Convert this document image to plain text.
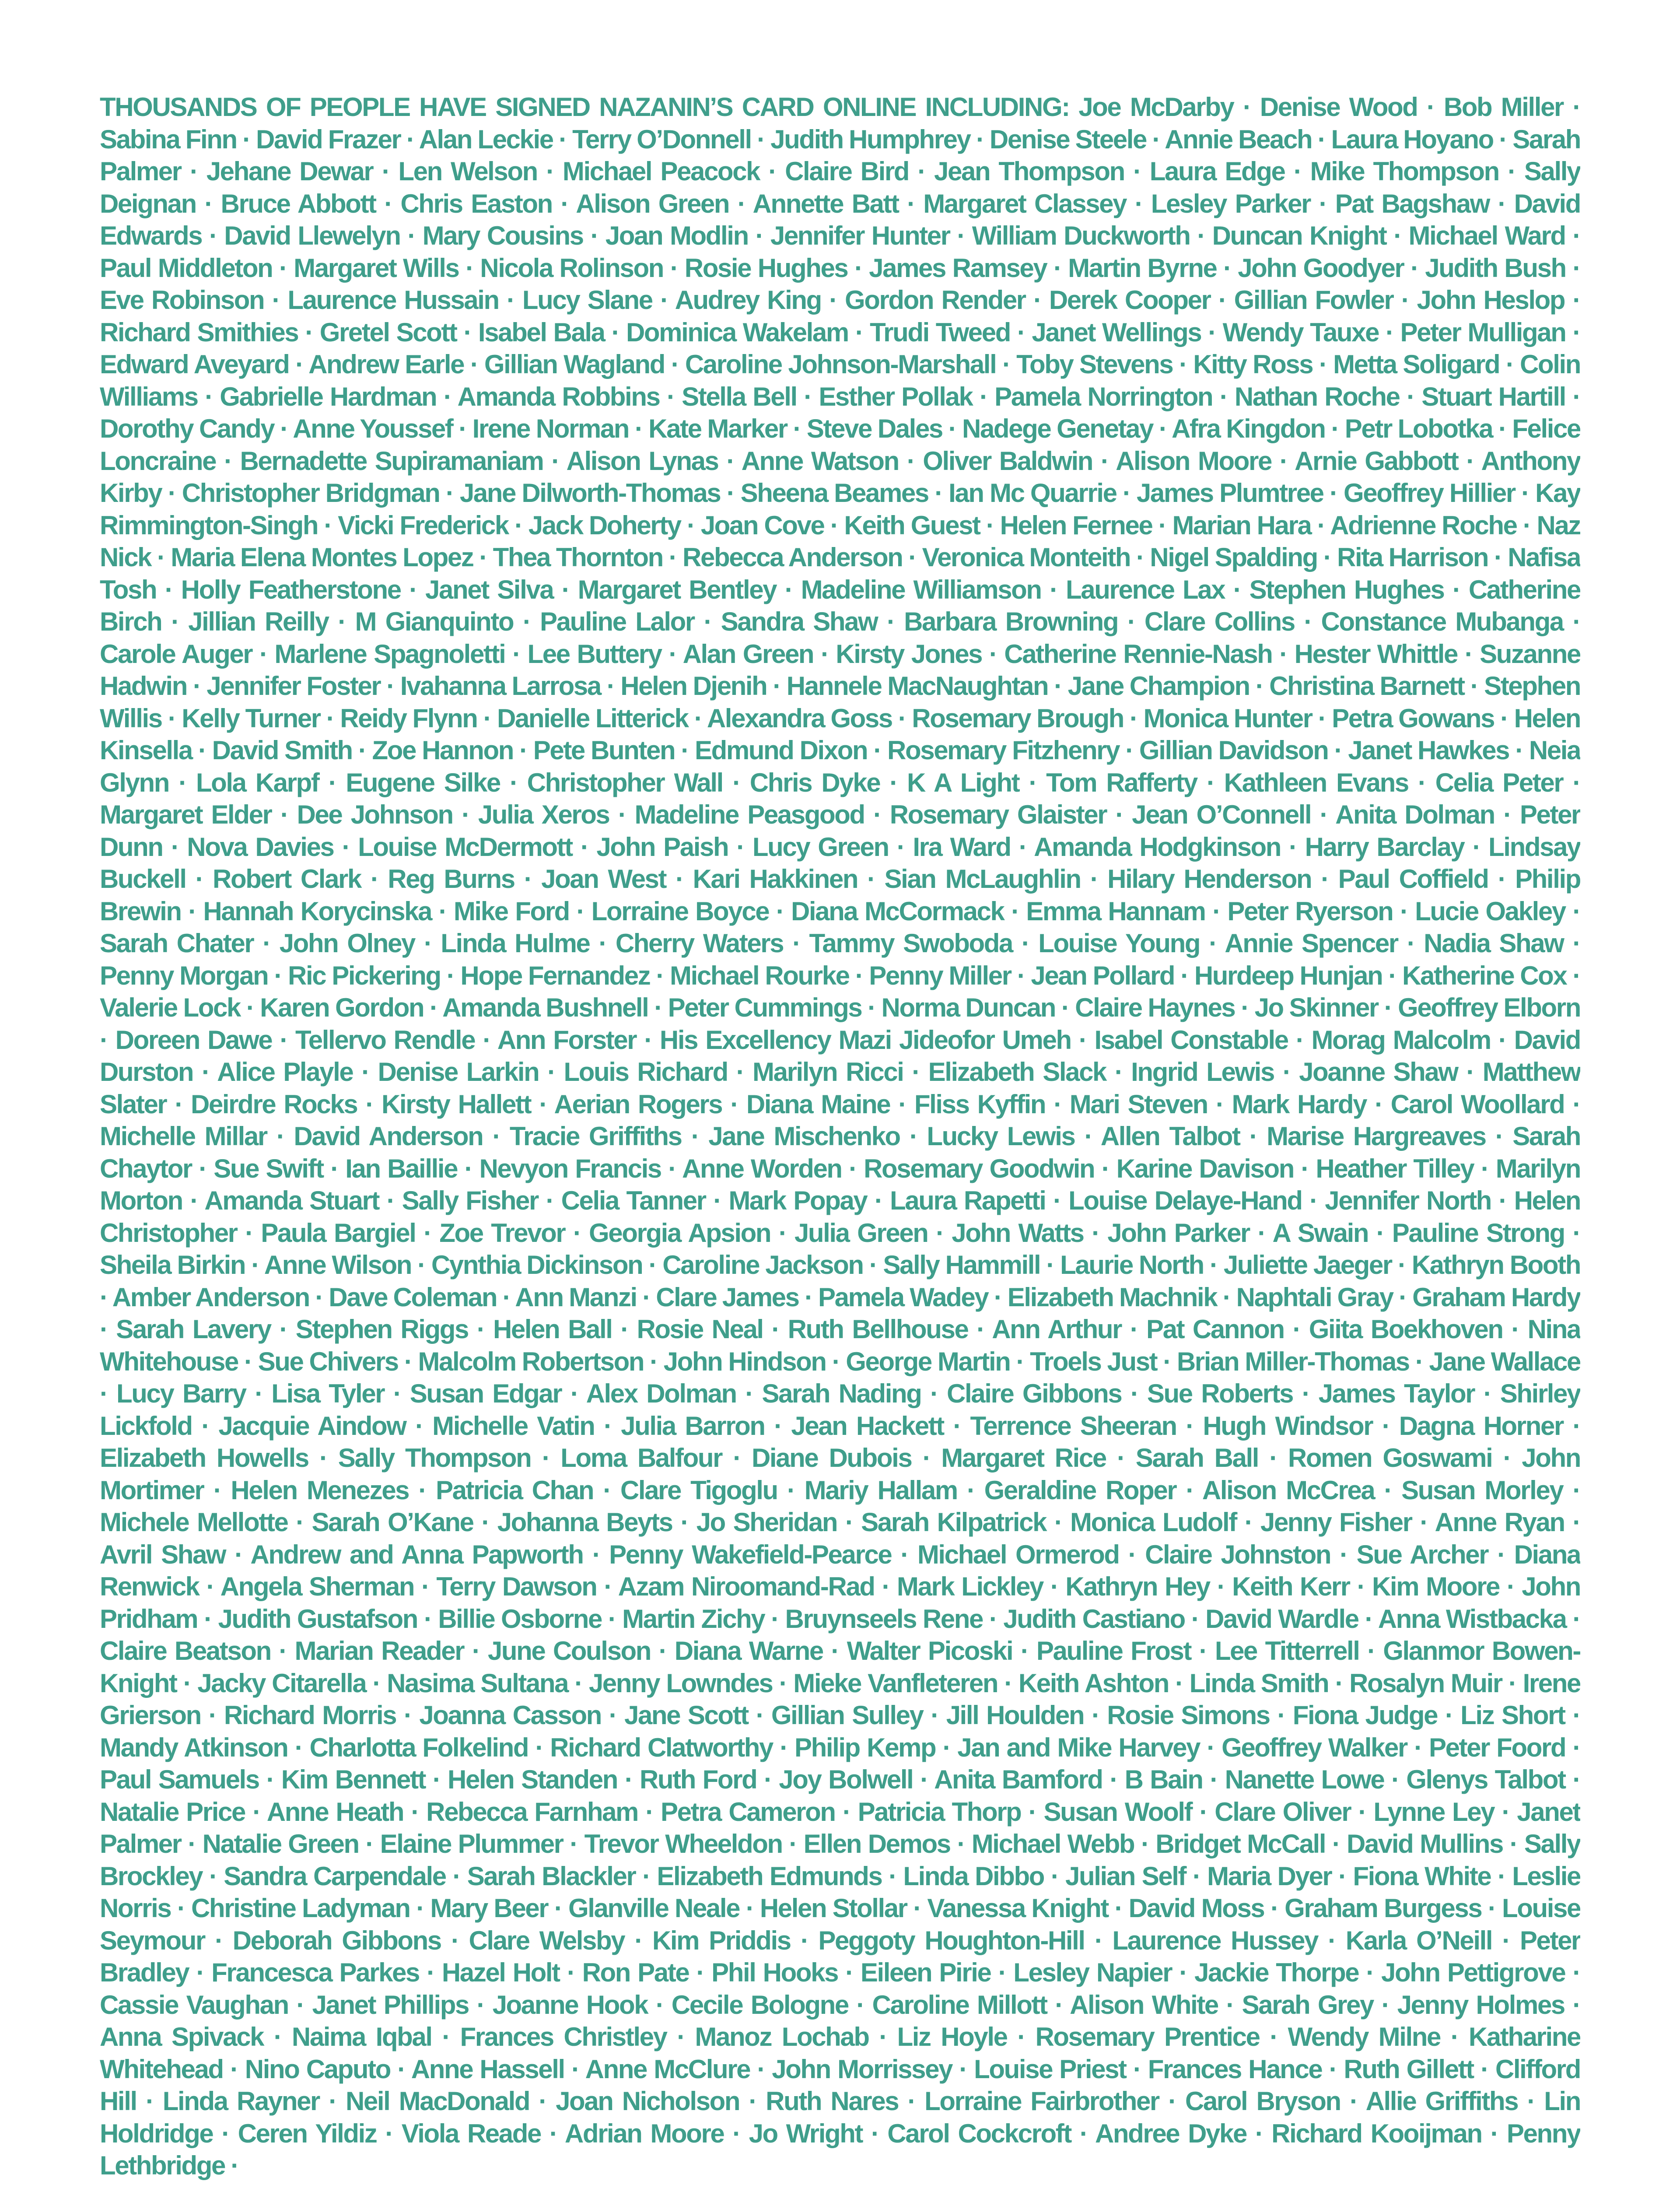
THOUSANDS OF PEOPLE HAVE SIGNED NAZANIN’S CARD ONLINE INCLUDING: Joe McDarby · Denise Wood · Bob Miller · Sabina Finn · David Frazer · Alan Leckie · Terry O’Donnell · Judith Humphrey · Denise Steele · Annie Beach · Laura Hoyano · Sarah Palmer · Jehane Dewar · Len Welson · Michael Peacock · Claire Bird · Jean Thompson · Laura Edge · Mike Thompson · Sally Deignan · Bruce Abbott · Chris Easton · Alison Green · Annette Batt · Margaret Classey · Lesley Parker · Pat Bagshaw · David Edwards · David Llewelyn · Mary Cousins · Joan Modlin · Jennifer Hunter · William Duckworth · Duncan Knight · Michael Ward · Paul Middleton · Margaret Wills · Nicola Rolinson · Rosie Hughes · James Ramsey · Martin Byrne · John Goodyer · Judith Bush · Eve Robinson · Laurence Hussain · Lucy Slane · Audrey King · Gordon Render · Derek Cooper · Gillian Fowler · John Heslop · Richard Smithies · Gretel Scott · Isabel Bala · Dominica Wakelam · Trudi Tweed · Janet Wellings · Wendy Tauxe · Peter Mulligan · Edward Aveyard · Andrew Earle · Gillian Wagland · Caroline Johnson-Marshall · Toby Stevens · Kitty Ross · Metta Soligard · Colin Williams · Gabrielle Hardman · Amanda Robbins · Stella Bell · Esther Pollak · Pamela Norrington · Nathan Roche · Stuart Hartill · Dorothy Candy · Anne Youssef · Irene Norman · Kate Marker · Steve Dales · Nadege Genetay · Afra Kingdon · Petr Lobotka · Felice Loncraine · Bernadette Supiramaniam · Alison Lynas · Anne Watson · Oliver Baldwin · Alison Moore · Arnie Gabbott · Anthony Kirby · Christopher Bridgman · Jane Dilworth-Thomas · Sheena Beames · Ian Mc Quarrie · James Plumtree · Geoffrey Hillier · Kay Rimmington-Singh · Vicki Frederick · Jack Doherty · Joan Cove · Keith Guest · Helen Fernee · Marian Hara · Adrienne Roche · Naz Nick · Maria Elena Montes Lopez · Thea Thornton · Rebecca Anderson · Veronica Monteith · Nigel Spalding · Rita Harrison · Nafisa Tosh · Holly Featherstone · Janet Silva · Margaret Bentley · Madeline Williamson · Laurence Lax · Stephen Hughes · Catherine Birch · Jillian Reilly · M Gianquinto · Pauline Lalor · Sandra Shaw · Barbara Browning · Clare Collins · Constance Mubanga · Carole Auger · Marlene Spagnoletti · Lee Buttery · Alan Green · Kirsty Jones · Catherine Rennie-Nash · Hester Whittle · Suzanne Hadwin · Jennifer Foster · Ivahanna Larrosa · Helen Djenih · Hannele MacNaughtan · Jane Champion · Christina Barnett · Stephen Willis · Kelly Turner · Reidy Flynn · Danielle Litterick · Alexandra Goss · Rosemary Brough · Monica Hunter · Petra Gowans · Helen Kinsella · David Smith · Zoe Hannon · Pete Bunten · Edmund Dixon · Rosemary Fitzhenry · Gillian Davidson · Janet Hawkes · Neia Glynn · Lola Karpf · Eugene Silke · Christopher Wall · Chris Dyke · K A Light · Tom Rafferty · Kathleen Evans · Celia Peter · Margaret Elder · Dee Johnson · Julia Xeros · Madeline Peasgood · Rosemary Glaister · Jean O’Connell · Anita Dolman · Peter Dunn · Nova Davies · Louise McDermott · John Paish · Lucy Green · Ira Ward · Amanda Hodgkinson · Harry Barclay · Lindsay Buckell · Robert Clark · Reg Burns · Joan West · Kari Hakkinen · Sian McLaughlin · Hilary Henderson · Paul Coffield · Philip Brewin · Hannah Korycinska · Mike Ford · Lorraine Boyce · Diana McCormack · Emma Hannam · Peter Ryerson · Lucie Oakley · Sarah Chater · John Olney · Linda Hulme · Cherry Waters · Tammy Swoboda · Louise Young · Annie Spencer · Nadia Shaw · Penny Morgan · Ric Pickering · Hope Fernandez · Michael Rourke · Penny Miller · Jean Pollard · Hurdeep Hunjan · Katherine Cox · Valerie Lock · Karen Gordon · Amanda Bushnell · Peter Cummings · Norma Duncan · Claire Haynes · Jo Skinner · Geoffrey Elborn · Doreen Dawe · Tellervo Rendle · Ann Forster · His Excellency Mazi Jideofor Umeh · Isabel Constable · Morag Malcolm · David Durston · Alice Playle · Denise Larkin · Louis Richard · Marilyn Ricci · Elizabeth Slack · Ingrid Lewis · Joanne Shaw · Matthew Slater · Deirdre Rocks · Kirsty Hallett · Aerian Rogers · Diana Maine · Fliss Kyffin · Mari Steven · Mark Hardy · Carol Woollard · Michelle Millar · David Anderson · Tracie Griffiths · Jane Mischenko · Lucky Lewis · Allen Talbot · Marise Hargreaves · Sarah Chaytor · Sue Swift · Ian Baillie · Nevyon Francis · Anne Worden · Rosemary Goodwin · Karine Davison · Heather Tilley · Marilyn Morton · Amanda Stuart · Sally Fisher · Celia Tanner · Mark Popay · Laura Rapetti · Louise Delaye-Hand · Jennifer North · Helen Christopher · Paula Bargiel · Zoe Trevor · Georgia Apsion · Julia Green · John Watts · John Parker · A Swain · Pauline Strong · Sheila Birkin · Anne Wilson · Cynthia Dickinson · Caroline Jackson · Sally Hammill · Laurie North · Juliette Jaeger · Kathryn Booth · Amber Anderson · Dave Coleman · Ann Manzi · Clare James · Pamela Wadey · Elizabeth Machnik · Naphtali Gray · Graham Hardy · Sarah Lavery · Stephen Riggs · Helen Ball · Rosie Neal · Ruth Bellhouse · Ann Arthur · Pat Cannon · Giita Boekhoven · Nina Whitehouse · Sue Chivers · Malcolm Robertson · John Hindson · George Martin · Troels Just · Brian Miller-Thomas · Jane Wallace · Lucy Barry · Lisa Tyler · Susan Edgar · Alex Dolman · Sarah Nading · Claire Gibbons · Sue Roberts · James Taylor · Shirley Lickfold · Jacquie Aindow · Michelle Vatin · Julia Barron · Jean Hackett · Terrence Sheeran · Hugh Windsor · Dagna Horner · Elizabeth Howells · Sally Thompson · Loma Balfour · Diane Dubois · Margaret Rice · Sarah Ball · Romen Goswami · John Mortimer · Helen Menezes · Patricia Chan · Clare Tigoglu · Mariy Hallam · Geraldine Roper · Alison McCrea · Susan Morley · Michele Mellotte · Sarah O’Kane · Johanna Beyts · Jo Sheridan · Sarah Kilpatrick · Monica Ludolf · Jenny Fisher · Anne Ryan · Avril Shaw · Andrew and Anna Papworth · Penny Wakefield-Pearce · Michael Ormerod · Claire Johnston · Sue Archer · Diana Renwick · Angela Sherman · Terry Dawson · Azam Niroomand-Rad · Mark Lickley · Kathryn Hey · Keith Kerr · Kim Moore · John Pridham · Judith Gustafson · Billie Osborne · Martin Zichy · Bruynseels Rene · Judith Castiano · David Wardle · Anna Wistbacka · Claire Beatson · Marian Reader · June Coulson · Diana Warne · Walter Picoski · Pauline Frost · Lee Titterrell · Glanmor Bowen-Knight · Jacky Citarella · Nasima Sultana · Jenny Lowndes · Mieke Vanfleteren · Keith Ashton · Linda Smith · Rosalyn Muir · Irene Grierson · Richard Morris · Joanna Casson · Jane Scott · Gillian Sulley · Jill Houlden · Rosie Simons · Fiona Judge · Liz Short · Mandy Atkinson · Charlotta Folkelind · Richard Clatworthy · Philip Kemp · Jan and Mike Harvey · Geoffrey Walker · Peter Foord · Paul Samuels · Kim Bennett · Helen Standen · Ruth Ford · Joy Bolwell · Anita Bamford · B Bain · Nanette Lowe · Glenys Talbot · Natalie Price · Anne Heath · Rebecca Farnham · Petra Cameron · Patricia Thorp · Susan Woolf · Clare Oliver · Lynne Ley · Janet Palmer · Natalie Green · Elaine Plummer · Trevor Wheeldon · Ellen Demos · Michael Webb · Bridget McCall · David Mullins · Sally Brockley · Sandra Carpendale · Sarah Blackler · Elizabeth Edmunds · Linda Dibbo · Julian Self · Maria Dyer · Fiona White · Leslie Norris · Christine Ladyman · Mary Beer · Glanville Neale · Helen Stollar · Vanessa Knight · David Moss · Graham Burgess · Louise Seymour · Deborah Gibbons · Clare Welsby · Kim Priddis · Peggoty Houghton-Hill · Laurence Hussey · Karla O’Neill · Peter Bradley · Francesca Parkes · Hazel Holt · Ron Pate · Phil Hooks · Eileen Pirie · Lesley Napier · Jackie Thorpe · John Pettigrove · Cassie Vaughan · Janet Phillips · Joanne Hook · Cecile Bologne · Caroline Millott · Alison White · Sarah Grey · Jenny Holmes · Anna Spivack · Naima Iqbal · Frances Christley · Manoz Lochab · Liz Hoyle · Rosemary Prentice · Wendy Milne · Katharine Whitehead · Nino Caputo · Anne Hassell · Anne McClure · John Morrissey · Louise Priest · Frances Hance · Ruth Gillett · Clifford Hill · Linda Rayner · Neil MacDonald · Joan Nicholson · Ruth Nares · Lorraine Fairbrother · Carol Bryson · Allie Griffiths · Lin Holdridge · Ceren Yildiz · Viola Reade · Adrian Moore · Jo Wright · Carol Cockcroft · Andree Dyke · Richard Kooijman · Penny Lethbridge ·
